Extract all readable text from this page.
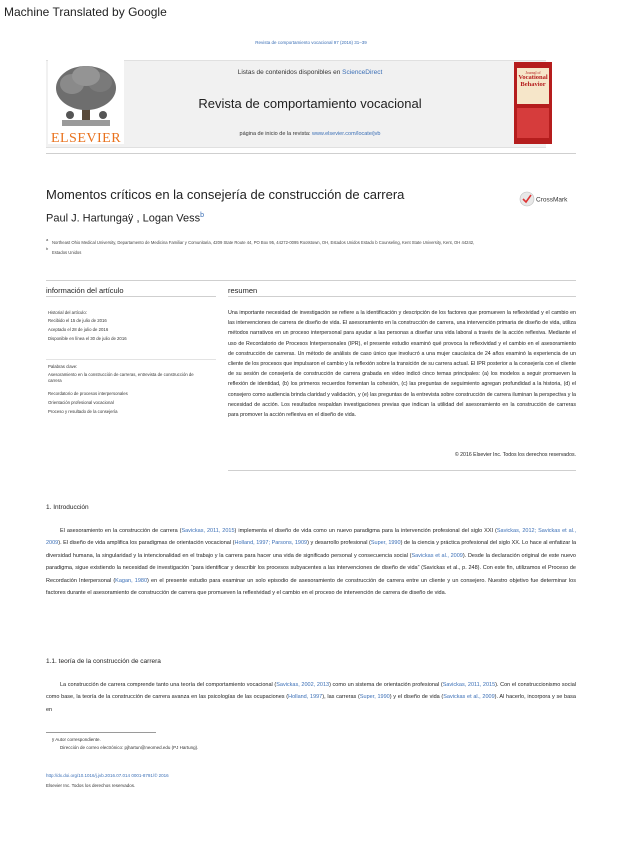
Machine Translated by Google
Revista de comportamiento vocacional 97 (2016) 31–39
ELSEVIER
Listas de contenidos disponibles en ScienceDirect
Revista de comportamiento vocacional
página de inicio de la revista: www.elsevier.com/locate/jvb
Journal of
Vocational
Behavior
Momentos críticos en la consejería de construcción de carrera
Paul J. Hartungaÿ , Logan Vess$^b$
CrossMark
a
Northeast Ohio Medical University, Departamento de Medicina Familiar y Comunitaria, 4209 State Route 44, PO Box 95, 44272-0095 Rootstown, OH, Estados Unidos Estado b Counseling, Kent State University, Kent, OH 44242,
b
Estados Unidos
información del artículo	resumen
Historial del artículo:
Recibido el 15 de julio de 2016
Aceptado el 28 de julio de 2016
Disponible en línea el 30 de julio de 2016
Palabras clave:
Asesoramiento en la construcción de carreras, entrevista de construcción de carrera
Recordatorio de procesos interpersonales
Orientación profesional vocacional
Proceso y resultado de la consejería
Una importante necesidad de investigación se refiere a la identificación y descripción de los factores que promueven la reflexividad y el cambio en las intervenciones de carrera de diseño de vida. El asesoramiento en la construcción de carrera, una intervención primaria de diseño de vida, utiliza métodos narrativos en un proceso interpersonal para ayudar a las personas a diseñar una vida laboral a través de la acción reflexiva. Mediante el uso de Recordatorio de Procesos Interpersonales (IPR), el presente estudio examinó qué provoca la reflexividad y el cambio en el asesoramiento de construcción de carreras. Un método de análisis de caso único que involucró a una mujer caucásica de 24 años examinó la experiencia de un cliente de los procesos que impulsaron el cambio y la reflexión sobre la transición de su carrera actual. El IPR posterior a la consejería con el cliente de su sesión de consejería de construcción de carrera grabada en video indicó cinco temas principales: (a) los modelos a seguir promueven la reflexión de identidad, (b) los primeros recuerdos fomentan la cohesión, (c) las preguntas de seguimiento agregan profundidad a la historia, (d) el consejero como audiencia brinda claridad y validación, y (e) las preguntas de la entrevista sobre construcción de carrera iluminan la perspectiva y la necesidad de acción. Los resultados respaldan investigaciones previas que indican la utilidad del asesoramiento en la construcción de carreras para promover la acción reflexiva en el diseño de vida.
© 2016 Elsevier Inc. Todos los derechos reservados.
1. Introducción
El asesoramiento en la construcción de carrera (Savickas, 2011, 2015) implementa el diseño de vida como un nuevo paradigma para la intervención profesional del siglo XXI (Savickas, 2012; Savickas et al., 2009). El diseño de vida amplifica los paradigmas de orientación vocacional (Holland, 1997; Parsons, 1909) y desarrollo profesional (Super, 1990) de la ciencia y práctica profesional del siglo XX. Lo hace al enfatizar la diversidad humana, la singularidad y la intencionalidad en el trabajo y la carrera para hacer una vida de significado personal y consecuencia social (Savickas et al., 2009). Desde la declaración original de este nuevo paradigma, sigue existiendo la necesidad de investigación “para identificar y describir los procesos subyacentes a las intervenciones de diseño de vida” (Savickas et al., p. 248). Con este fin, utilizamos el Proceso de Recordación Interpersonal (Kagan, 1980) en el presente estudio para examinar un solo episodio de asesoramiento de construcción de carrera entre un cliente y un consejero. Nuestro objetivo fue determinar los factores durante el asesoramiento de construcción de carrera que promueven la reflexividad y el cambio en el proceso de intervención de carrera de diseño de vida.
1.1. teoría de la construcción de carrera
La construcción de carrera comprende tanto una teoría del comportamiento vocacional (Savickas, 2002, 2013) como un sistema de orientación profesional (Savickas, 2011, 2015). Con el construccionismo social como base, la teoría de la construcción de carrera avanza en las psicologías de las ocupaciones (Holland, 1997), las carreras (Super, 1990) y el diseño de vida (Savickas et al., 2009). Al hacerlo, incorpora y se basa en
ÿ Autor correspondiente.
Dirección de correo electrónico: pjhartun@neomed.edu (PJ Hartung).
http://dx.doi.org/10.1016/j.jvb.2016.07.014 0001-8791/© 2016
Elsevier Inc. Todos los derechos reservados.
